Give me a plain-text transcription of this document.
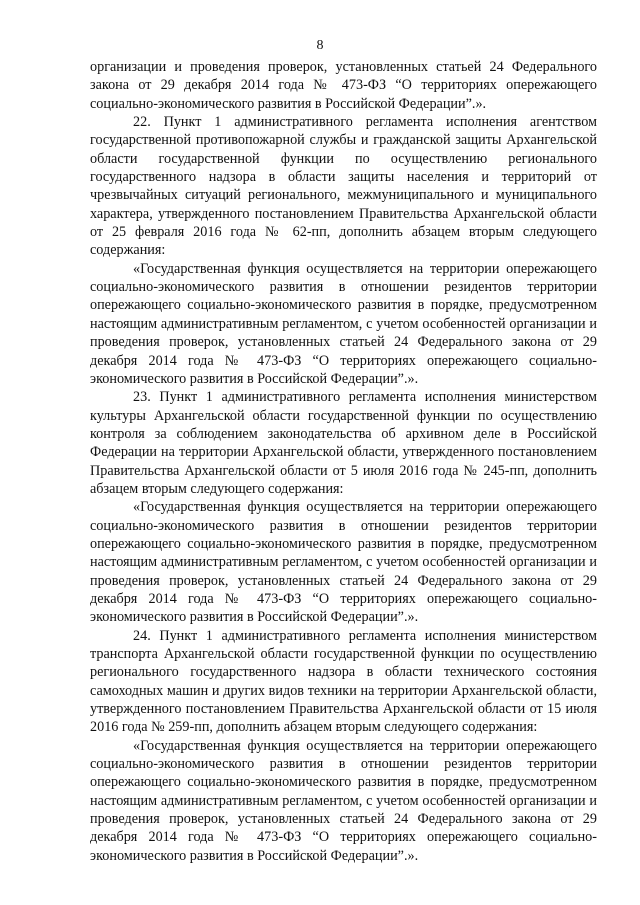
8

организации и проведения проверок, установленных статьей 24 Федерального закона от 29 декабря 2014 года № 473-ФЗ “О территориях опережающего социально-экономического развития в Российской Федерации”.».

22. Пункт 1 административного регламента исполнения агентством государственной противопожарной службы и гражданской защиты Архангельской области государственной функции по осуществлению регионального государственного надзора в области защиты населения и территорий от чрезвычайных ситуаций регионального, межмуниципального и муниципального характера, утвержденного постановлением Правительства Архангельской области от 25 февраля 2016 года № 62-пп, дополнить абзацем вторым следующего содержания:

«Государственная функция осуществляется на территории опережающего социально-экономического развития в отношении резидентов территории опережающего социально-экономического развития в порядке, предусмотренном настоящим административным регламентом, с учетом особенностей организации и проведения проверок, установленных статьей 24 Федерального закона от 29 декабря 2014 года № 473-ФЗ “О территориях опережающего социально-экономического развития в Российской Федерации”.».

23. Пункт 1 административного регламента исполнения министерством культуры Архангельской области государственной функции по осуществлению контроля за соблюдением законодательства об архивном деле в Российской Федерации на территории Архангельской области, утвержденного постановлением Правительства Архангельской области от 5 июля 2016 года № 245-пп, дополнить абзацем вторым следующего содержания:

«Государственная функция осуществляется на территории опережающего социально-экономического развития в отношении резидентов территории опережающего социально-экономического развития в порядке, предусмотренном настоящим административным регламентом, с учетом особенностей организации и проведения проверок, установленных статьей 24 Федерального закона от 29 декабря 2014 года № 473-ФЗ “О территориях опережающего социально-экономического развития в Российской Федерации”.».

24. Пункт 1 административного регламента исполнения министерством транспорта Архангельской области государственной функции по осуществлению регионального государственного надзора в области технического состояния самоходных машин и других видов техники на территории Архангельской области, утвержденного постановлением Правительства Архангельской области от 15 июля 2016 года № 259-пп, дополнить абзацем вторым следующего содержания:

«Государственная функция осуществляется на территории опережающего социально-экономического развития в отношении резидентов территории опережающего социально-экономического развития в порядке, предусмотренном настоящим административным регламентом, с учетом особенностей организации и проведения проверок, установленных статьей 24 Федерального закона от 29 декабря 2014 года № 473-ФЗ “О территориях опережающего социально-экономического развития в Российской Федерации”.».
